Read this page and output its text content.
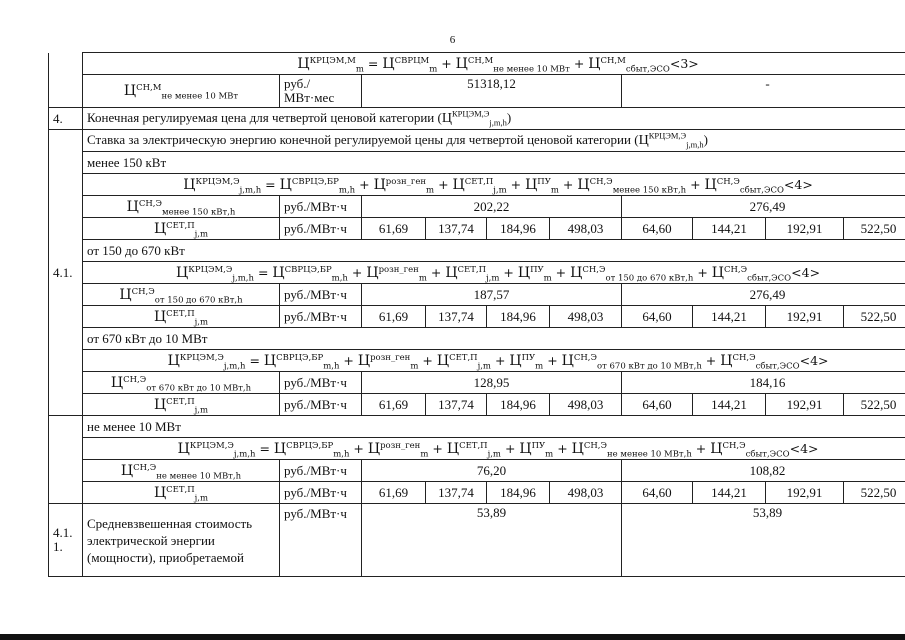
6
	$Ц^{КРЦЭМ,М}_m = Ц^{СВРЦМ}_m + Ц^{СН,М}_{не менее 10 МВт} + Ц^{СН,М}_{сбыт,ЭСО}<3>$									
	$Ц^{СН,М}_{не менее 10 МВт}$	руб./
МВт·мес	51318,12				-			
4.	Конечная регулируемая цена для четвертой ценовой категории $(Ц^{КРЦЭМ,Э}_{j,m,h})$									
4.1.	Ставка за электрическую энергию конечной регулируемой цены для четвертой ценовой категории $(Ц^{КРЦЭМ,Э}_{j,m,h})$									
	менее 150 кВт									
	$Ц^{КРЦЭМ,Э}_{j,m,h} = Ц^{СВРЦЭ,БР}_{m,h} + Ц^{розн\_ген}_m + Ц^{СЕТ,П}_{j,m} + Ц^{ПУ}_m + Ц^{СН,Э}_{менее 150 кВт,h} + Ц^{СН,Э}_{сбыт,ЭСО}<4>$									
	$Ц^{СН,Э}_{менее 150 кВт,h}$	руб./МВт·ч	202,22				276,49			
	$Ц^{СЕТ,П}_{j,m}$	руб./МВт·ч	61,69	137,74	184,96	498,03	64,60	144,21	192,91	522,50
	от 150 до 670 кВт									
	$Ц^{КРЦЭМ,Э}_{j,m,h} = Ц^{СВРЦЭ,БР}_{m,h} + Ц^{розн\_ген}_m + Ц^{СЕТ,П}_{j,m} + Ц^{ПУ}_m + Ц^{СН,Э}_{от 150 до 670 кВт,h} + Ц^{СН,Э}_{сбыт,ЭСО}<4>$									
	$Ц^{СН,Э}_{от 150 до 670 кВт,h}$	руб./МВт·ч	187,57				276,49			
	$Ц^{СЕТ,П}_{j,m}$	руб./МВт·ч	61,69	137,74	184,96	498,03	64,60	144,21	192,91	522,50
	от 670 кВт до 10 МВт									
	$Ц^{КРЦЭМ,Э}_{j,m,h} = Ц^{СВРЦЭ,БР}_{m,h} + Ц^{розн\_ген}_m + Ц^{СЕТ,П}_{j,m} + Ц^{ПУ}_m + Ц^{СН,Э}_{от 670 кВт до 10 МВт,h} + Ц^{СН,Э}_{сбыт,ЭСО}<4>$									
	$Ц^{СН,Э}_{от 670 кВт до 10 МВт,h}$	руб./МВт·ч	128,95				184,16			
	$Ц^{СЕТ,П}_{j,m}$	руб./МВт·ч	61,69	137,74	184,96	498,03	64,60	144,21	192,91	522,50
	не менее 10 МВт									
	$Ц^{КРЦЭМ,Э}_{j,m,h} = Ц^{СВРЦЭ,БР}_{m,h} + Ц^{розн\_ген}_m + Ц^{СЕТ,П}_{j,m} + Ц^{ПУ}_m + Ц^{СН,Э}_{не менее 10 МВт,h} + Ц^{СН,Э}_{сбыт,ЭСО}<4>$									
	$Ц^{СН,Э}_{не менее 10 МВт,h}$	руб./МВт·ч	76,20				108,82			
	$Ц^{СЕТ,П}_{j,m}$	руб./МВт·ч	61,69	137,74	184,96	498,03	64,60	144,21	192,91	522,50
4.1.
1.	Средневзвешенная стоимость электрической энергии (мощности), приобретаемой	руб./МВт·ч	53,89				53,89			
